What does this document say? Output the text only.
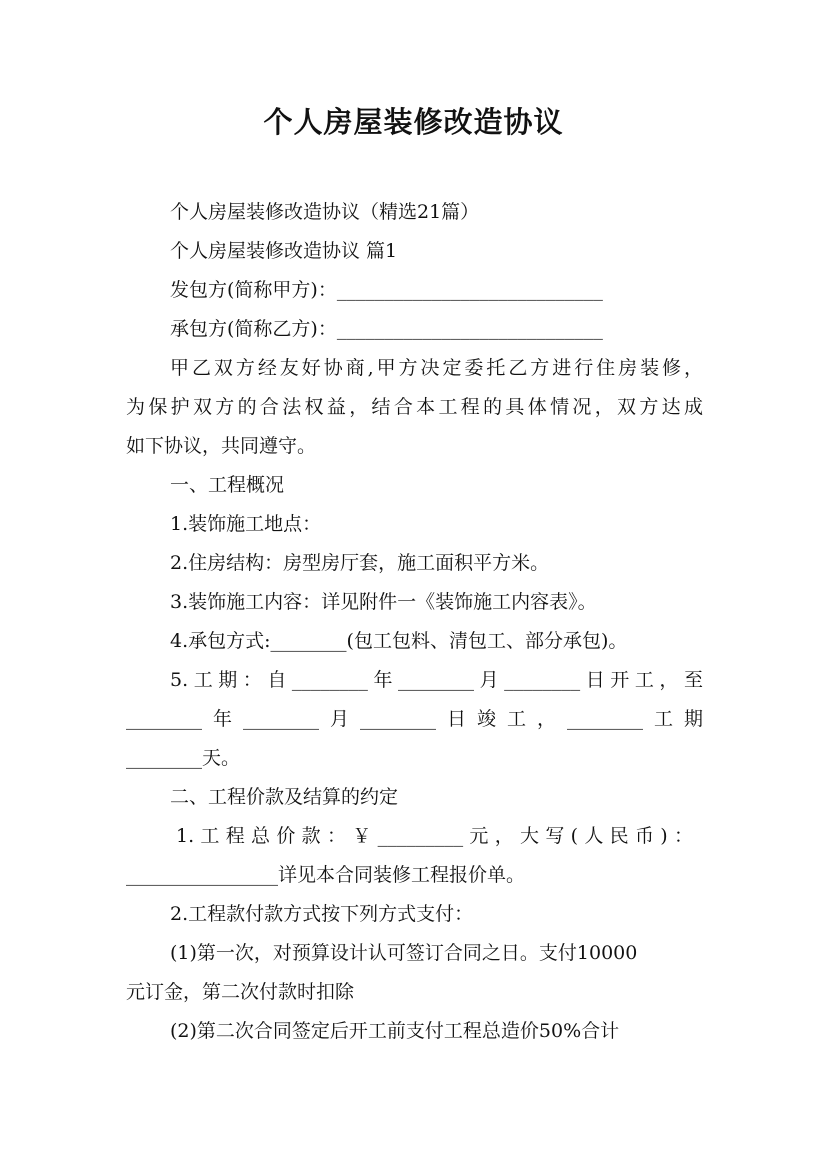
个人房屋装修改造协议
个人房屋装修改造协议（精选21篇）
个人房屋装修改造协议 篇1
发包方(简称甲方)：____________________________
承包方(简称乙方)：____________________________
甲乙双方经友好协商,甲方决定委托乙方进行住房装修，
为保护双方的合法权益，结合本工程的具体情况，双方达成
如下协议，共同遵守。
一、工程概况
1.装饰施工地点：
2.住房结构：房型房厅套，施工面积平方米。
3.装饰施工内容：详见附件一《装饰施工内容表》。
4.承包方式:________(包工包料、清包工、部分承包)。
5.工期：自________年________月________日开工，至
________年________月________日竣工，________工期
________天。
二、工程价款及结算的约定
1.工程总价款：￥_________元，大写(人民币)：
________________详见本合同装修工程报价单。
2.工程款付款方式按下列方式支付：
(1)第一次，对预算设计认可签订合同之日。支付10000
元订金，第二次付款时扣除
(2)第二次合同签定后开工前支付工程总造价50%合计
